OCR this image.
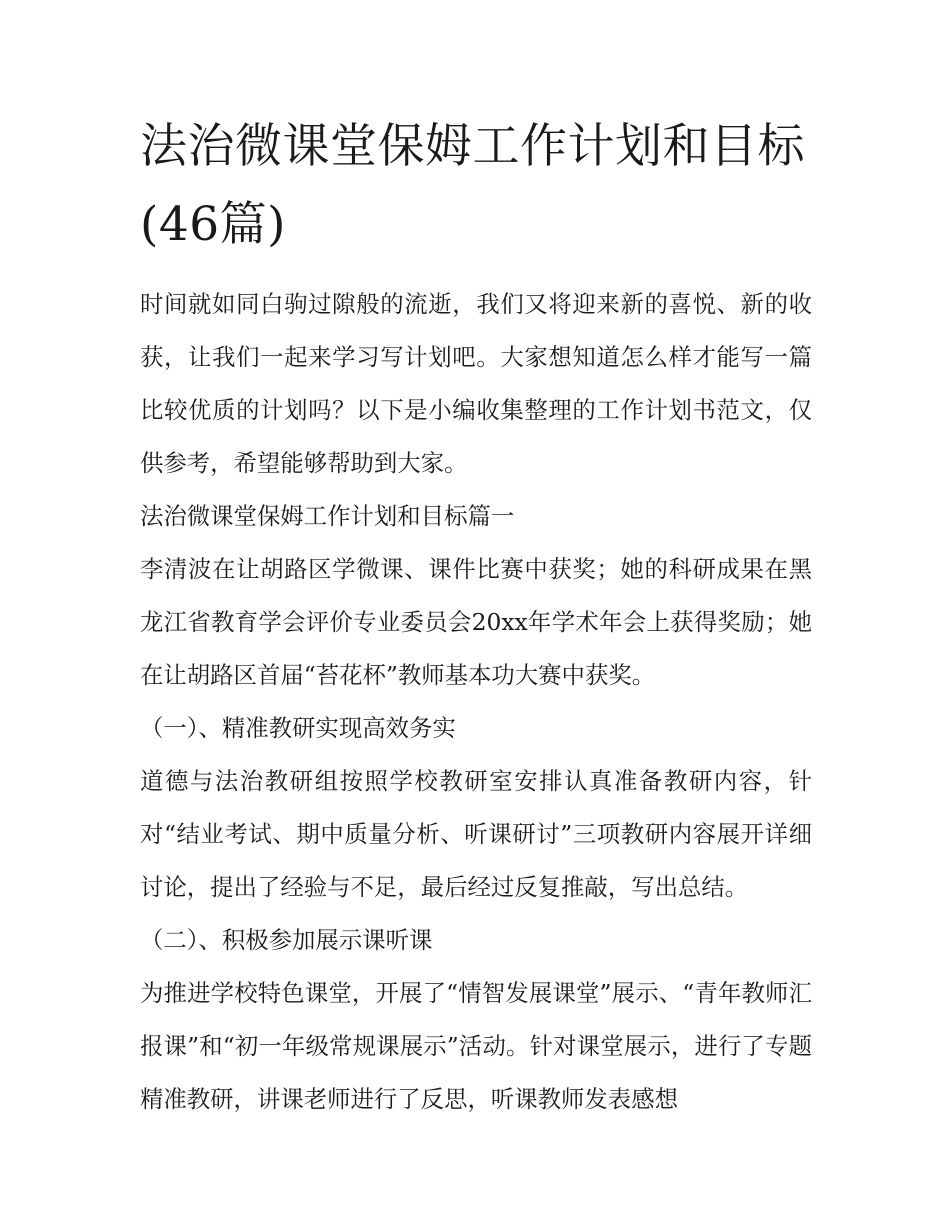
法治微课堂保姆工作计划和目标(46篇)

时间就如同白驹过隙般的流逝，我们又将迎来新的喜悦、新的收获，让我们一起来学习写计划吧。大家想知道怎么样才能写一篇比较优质的计划吗？以下是小编收集整理的工作计划书范文，仅供参考，希望能够帮助到大家。

法治微课堂保姆工作计划和目标篇一

李清波在让胡路区学微课、课件比赛中获奖；她的科研成果在黑龙江省教育学会评价专业委员会20xx年学术年会上获得奖励；她在让胡路区首届“苔花杯”教师基本功大赛中获奖。

（一）、精准教研实现高效务实

道德与法治教研组按照学校教研室安排认真准备教研内容，针对“结业考试、期中质量分析、听课研讨”三项教研内容展开详细讨论，提出了经验与不足，最后经过反复推敲，写出总结。

（二）、积极参加展示课听课

为推进学校特色课堂，开展了“情智发展课堂”展示、“青年教师汇报课”和“初一年级常规课展示”活动。针对课堂展示，进行了专题精准教研，讲课老师进行了反思，听课教师发表感想
